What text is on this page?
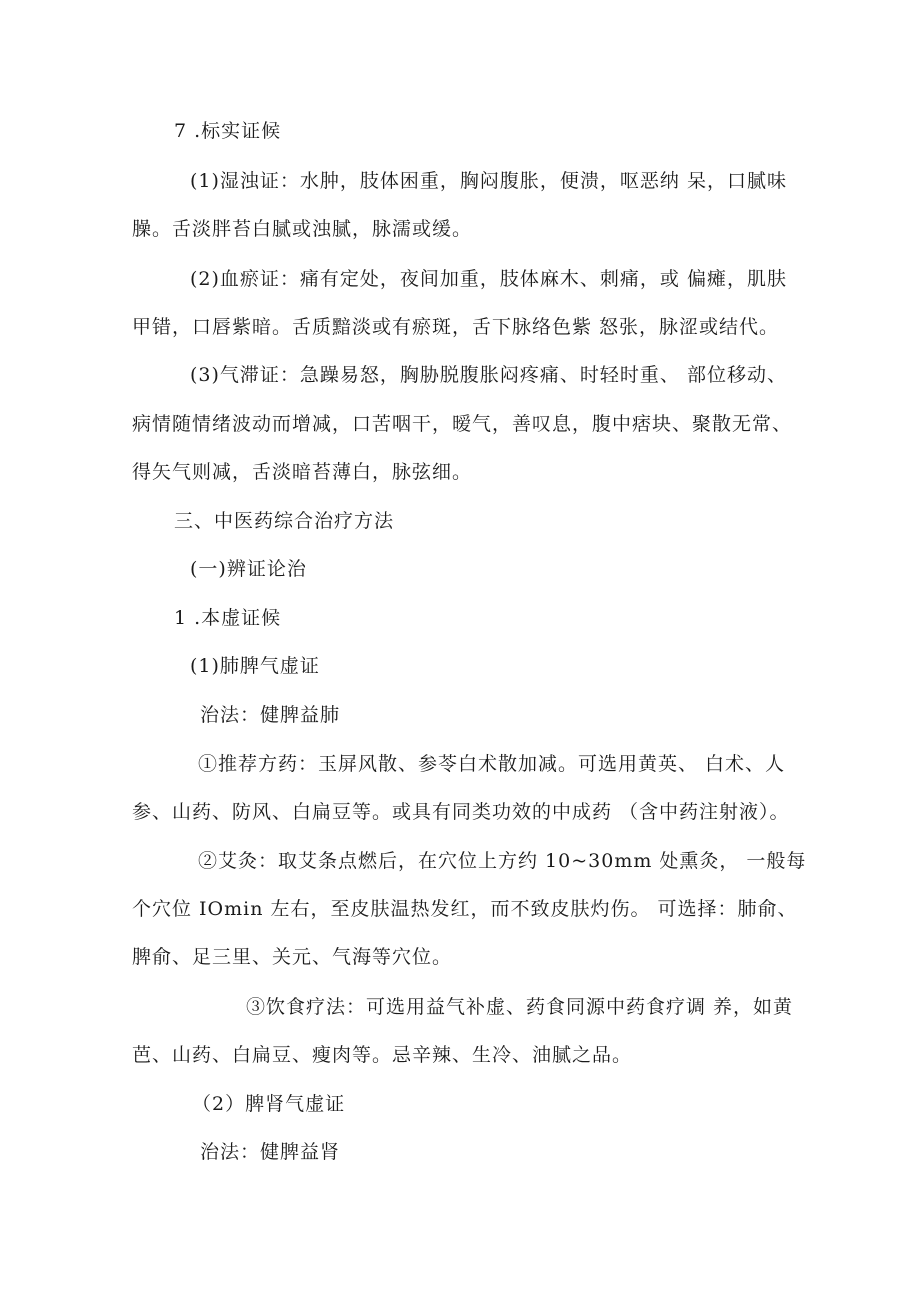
7 .标实证候
(1)湿浊证：水肿，肢体困重，胸闷腹胀，便溃，呕恶纳 呆，口腻味
臊。舌淡胖苔白腻或浊腻，脉濡或缓。
(2)血瘀证：痛有定处，夜间加重，肢体麻木、刺痛，或 偏瘫，肌肤
甲错，口唇紫暗。舌质黯淡或有瘀斑，舌下脉络色紫 怒张，脉涩或结代。
(3)气滞证：急躁易怒，胸胁脱腹胀闷疼痛、时轻时重、 部位移动、
病情随情绪波动而增减，口苦咽干，暧气，善叹息，腹中痞块、聚散无常、
得矢气则减，舌淡暗苔薄白，脉弦细。
三、中医药综合治疗方法
(一)辨证论治
1 .本虚证候
(1)肺脾气虚证
治法：健脾益肺
①推荐方药：玉屏风散、参苓白术散加减。可选用黄英、 白术、人
参、山药、防风、白扁豆等。或具有同类功效的中成药 （含中药注射液）。
②艾灸：取艾条点燃后，在穴位上方约 10~30mm 处熏灸， 一般每
个穴位 IOmin 左右，至皮肤温热发红，而不致皮肤灼伤。 可选择：肺俞、
脾俞、足三里、关元、气海等穴位。
③饮食疗法：可选用益气补虚、药食同源中药食疗调 养，如黄
芭、山药、白扁豆、瘦肉等。忌辛辣、生冷、油腻之品。
（2）脾肾气虚证
治法：健脾益肾
